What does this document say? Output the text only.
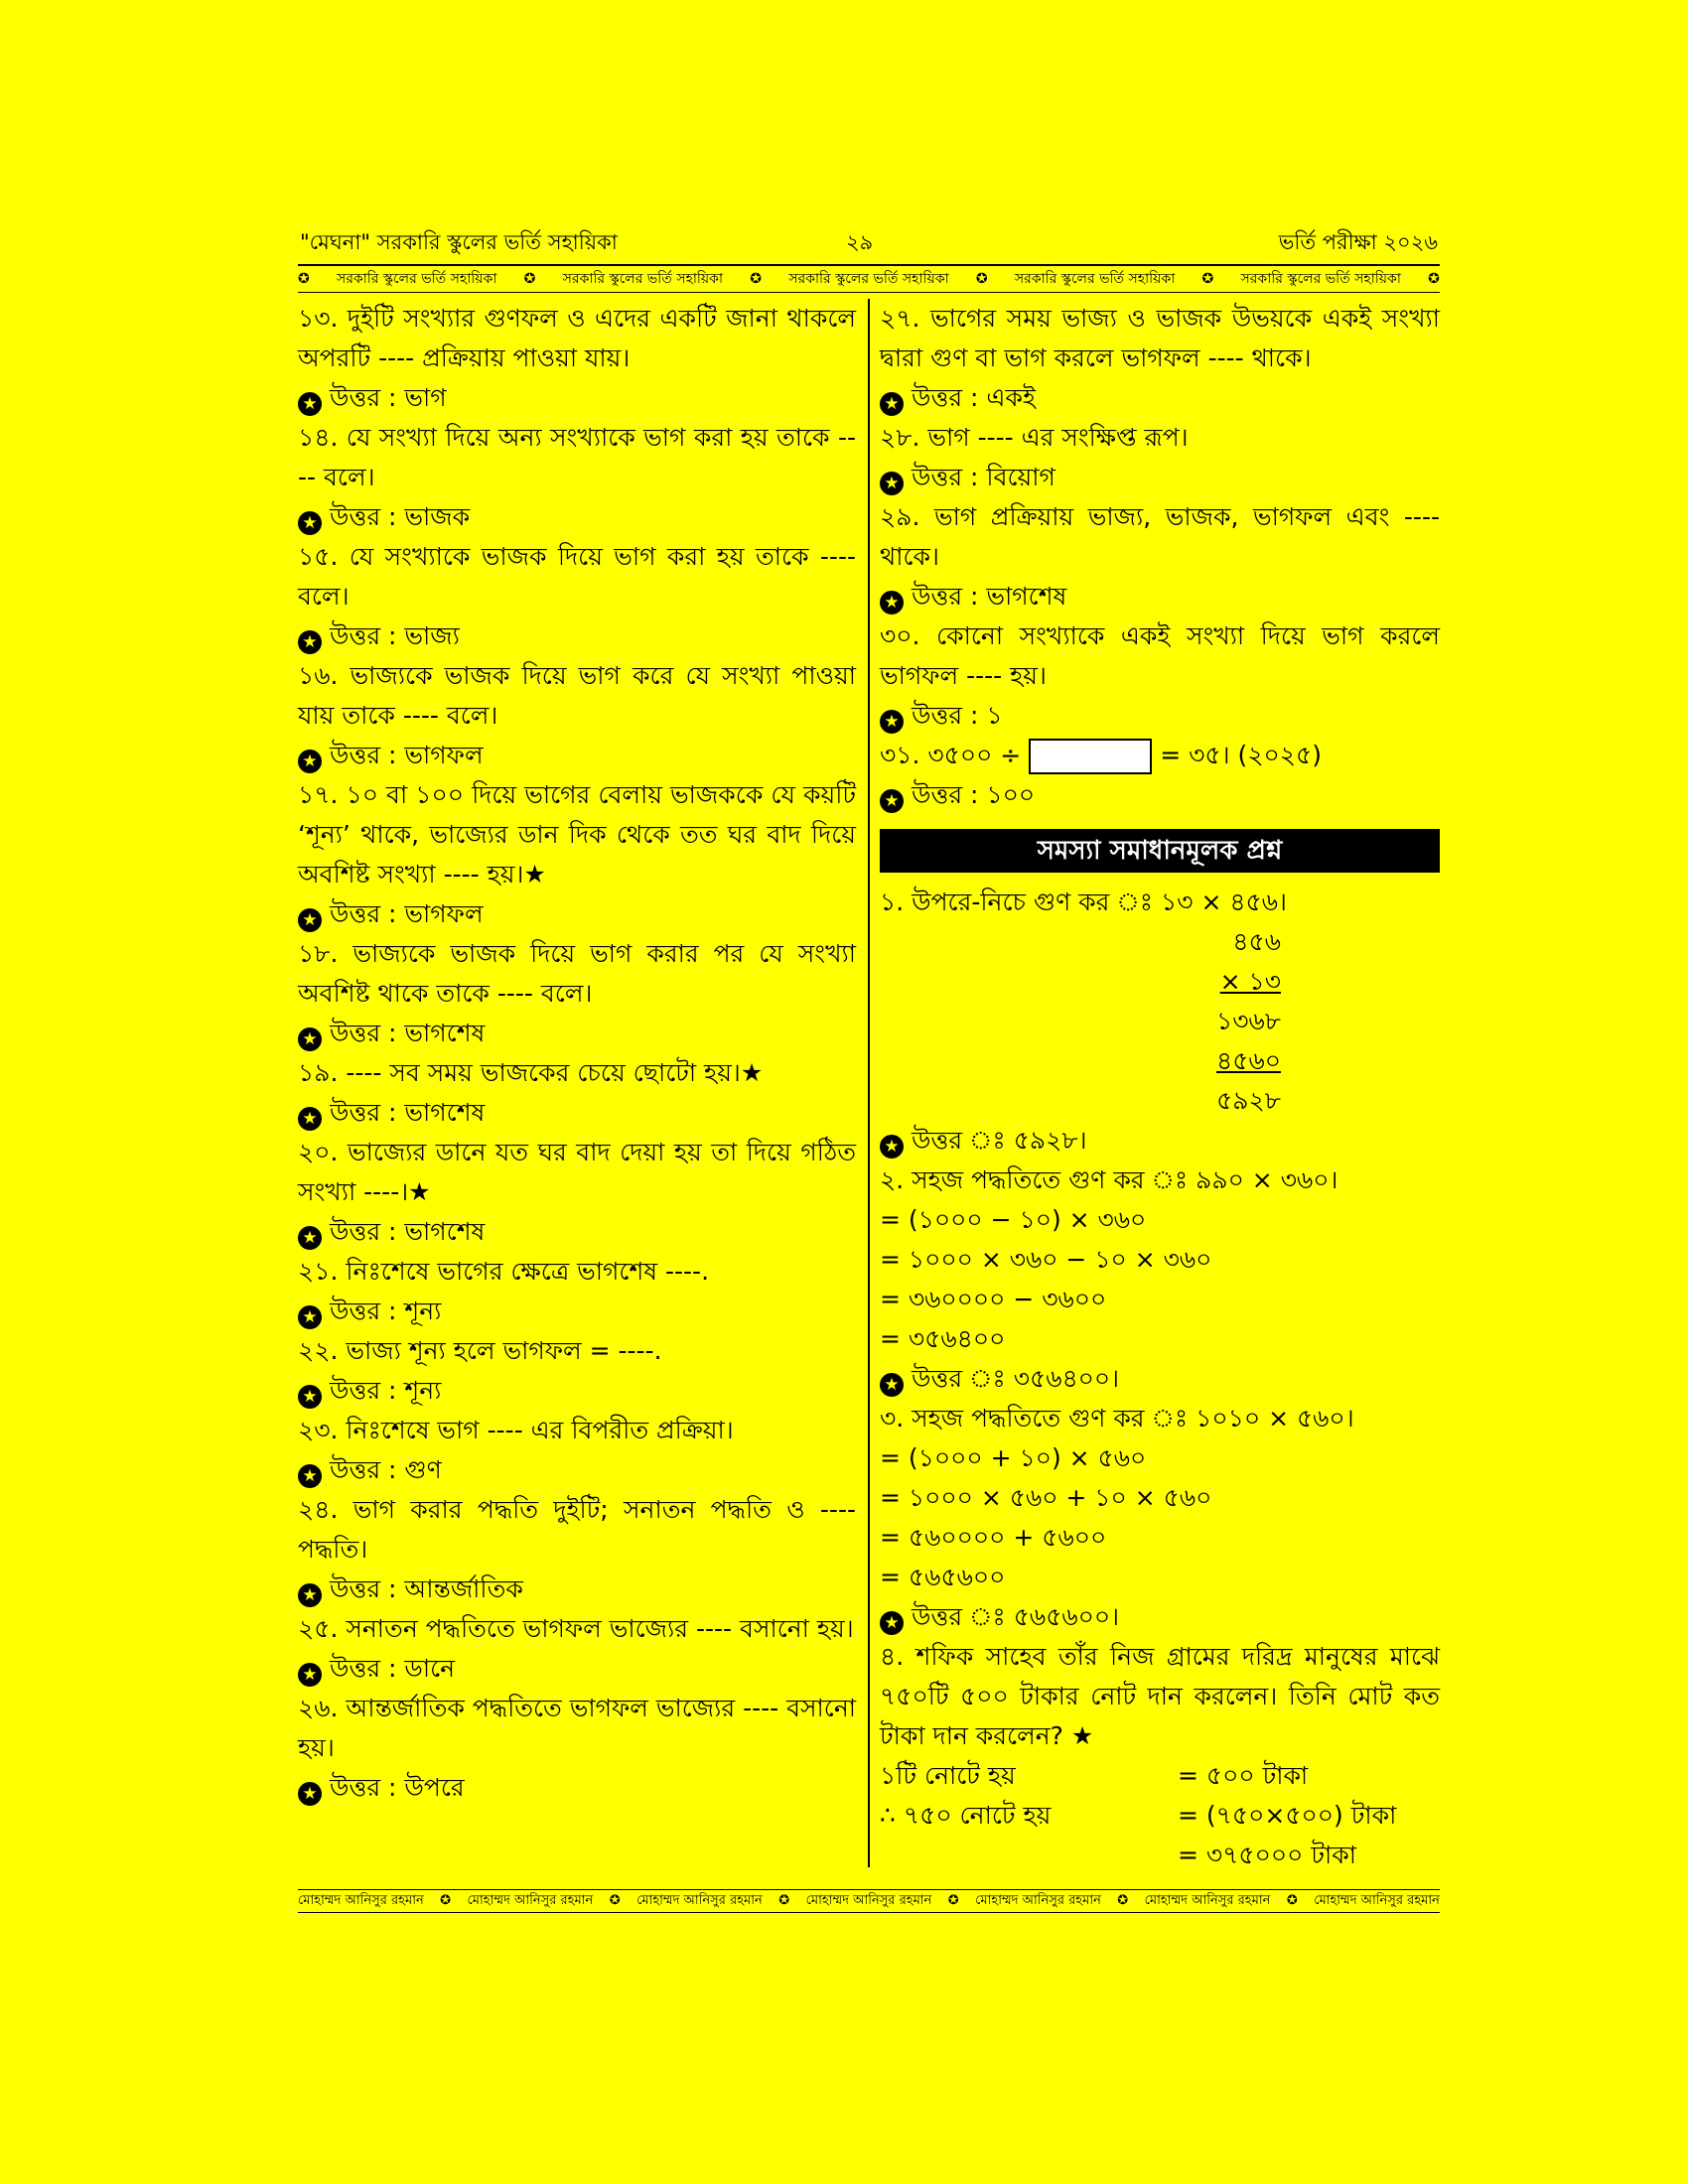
"মেঘনা" সরকারি স্কুলের ভর্তি সহায়িকা	২৯	ভর্তি পরীক্ষা ২০২৬
✪ সরকারি স্কুলের ভর্তি সহায়িকা ✪ সরকারি স্কুলের ভর্তি সহায়িকা ✪ সরকারি স্কুলের ভর্তি সহায়িকা ✪ সরকারি স্কুলের ভর্তি সহায়িকা ✪ সরকারি স্কুলের ভর্তি সহায়িকা ✪
১৩. দুইটি সংখ্যার গুণফল ও এদের একটি জানা থাকলে অপরটি ---- প্রক্রিয়ায় পাওয়া যায়।
★ উত্তর : ভাগ
১৪. যে সংখ্যা দিয়ে অন্য সংখ্যাকে ভাগ করা হয় তাকে ---- বলে।
★ উত্তর : ভাজক
১৫. যে সংখ্যাকে ভাজক দিয়ে ভাগ করা হয় তাকে ---- বলে।
★ উত্তর : ভাজ্য
১৬. ভাজ্যকে ভাজক দিয়ে ভাগ করে যে সংখ্যা পাওয়া যায় তাকে ---- বলে।
★ উত্তর : ভাগফল
১৭. ১০ বা ১০০ দিয়ে ভাগের বেলায় ভাজককে যে কয়টি ‘শূন্য’ থাকে, ভাজ্যের ডান দিক থেকে তত ঘর বাদ দিয়ে অবশিষ্ট সংখ্যা ---- হয়।★
★ উত্তর : ভাগফল
১৮. ভাজ্যকে ভাজক দিয়ে ভাগ করার পর যে সংখ্যা অবশিষ্ট থাকে তাকে ---- বলে।
★ উত্তর : ভাগশেষ
১৯. ---- সব সময় ভাজকের চেয়ে ছোটো হয়।★
★ উত্তর : ভাগশেষ
২০. ভাজ্যের ডানে যত ঘর বাদ দেয়া হয় তা দিয়ে গঠিত সংখ্যা ----।★
★ উত্তর : ভাগশেষ
২১. নিঃশেষে ভাগের ক্ষেত্রে ভাগশেষ ----.
★ উত্তর : শূন্য
২২. ভাজ্য শূন্য হলে ভাগফল = ----.
★ উত্তর : শূন্য
২৩. নিঃশেষে ভাগ ---- এর বিপরীত প্রক্রিয়া।
★ উত্তর : গুণ
২৪. ভাগ করার পদ্ধতি দুইটি; সনাতন পদ্ধতি ও ---- পদ্ধতি।
★ উত্তর : আন্তর্জাতিক
২৫. সনাতন পদ্ধতিতে ভাগফল ভাজ্যের ---- বসানো হয়।
★ উত্তর : ডানে
২৬. আন্তর্জাতিক পদ্ধতিতে ভাগফল ভাজ্যের ---- বসানো হয়।
★ উত্তর : উপরে
২৭. ভাগের সময় ভাজ্য ও ভাজক উভয়কে একই সংখ্যা দ্বারা গুণ বা ভাগ করলে ভাগফল ---- থাকে।
★ উত্তর : একই
২৮. ভাগ ---- এর সংক্ষিপ্ত রূপ।
★ উত্তর : বিয়োগ
২৯. ভাগ প্রক্রিয়ায় ভাজ্য, ভাজক, ভাগফল এবং ---- থাকে।
★ উত্তর : ভাগশেষ
৩০. কোনো সংখ্যাকে একই সংখ্যা দিয়ে ভাগ করলে ভাগফল ---- হয়।
★ উত্তর : ১
৩১. ৩৫০০ ÷	= ৩৫। (২০২৫)
★ উত্তর : ১০০
সমস্যা সমাধানমূলক প্রশ্ন
১. উপরে-নিচে গুণ কর ঃ ১৩ × ৪৫৬।
৪৫৬
× ১৩
১৩৬৮
৪৫৬০
৫৯২৮
★ উত্তর ঃ ৫৯২৮।
২. সহজ পদ্ধতিতে গুণ কর ঃ ৯৯০ × ৩৬০।
= (১০০০ − ১০) × ৩৬০
= ১০০০ × ৩৬০ − ১০ × ৩৬০
= ৩৬০০০০ − ৩৬০০
= ৩৫৬৪০০
★ উত্তর ঃ ৩৫৬৪০০।
৩. সহজ পদ্ধতিতে গুণ কর ঃ ১০১০ × ৫৬০।
= (১০০০ + ১০) × ৫৬০
= ১০০০ × ৫৬০ + ১০ × ৫৬০
= ৫৬০০০০ + ৫৬০০
= ৫৬৫৬০০
★ উত্তর ঃ ৫৬৫৬০০।
৪. শফিক সাহেব তাঁর নিজ গ্রামের দরিদ্র মানুষের মাঝে ৭৫০টি ৫০০ টাকার নোট দান করলেন। তিনি মোট কত টাকা দান করলেন? ★
১টি নোটে হয়	= ৫০০ টাকা
∴ ৭৫০ নোটে হয়	= (৭৫০×৫০০) টাকা
= ৩৭৫০০০ টাকা
মোহাম্মদ আনিসুর রহমান ✪ মোহাম্মদ আনিসুর রহমান ✪ মোহাম্মদ আনিসুর রহমান ✪ মোহাম্মদ আনিসুর রহমান ✪ মোহাম্মদ আনিসুর রহমান ✪ মোহাম্মদ আনিসুর রহমান ✪ মোহাম্মদ আনিসুর রহমান
